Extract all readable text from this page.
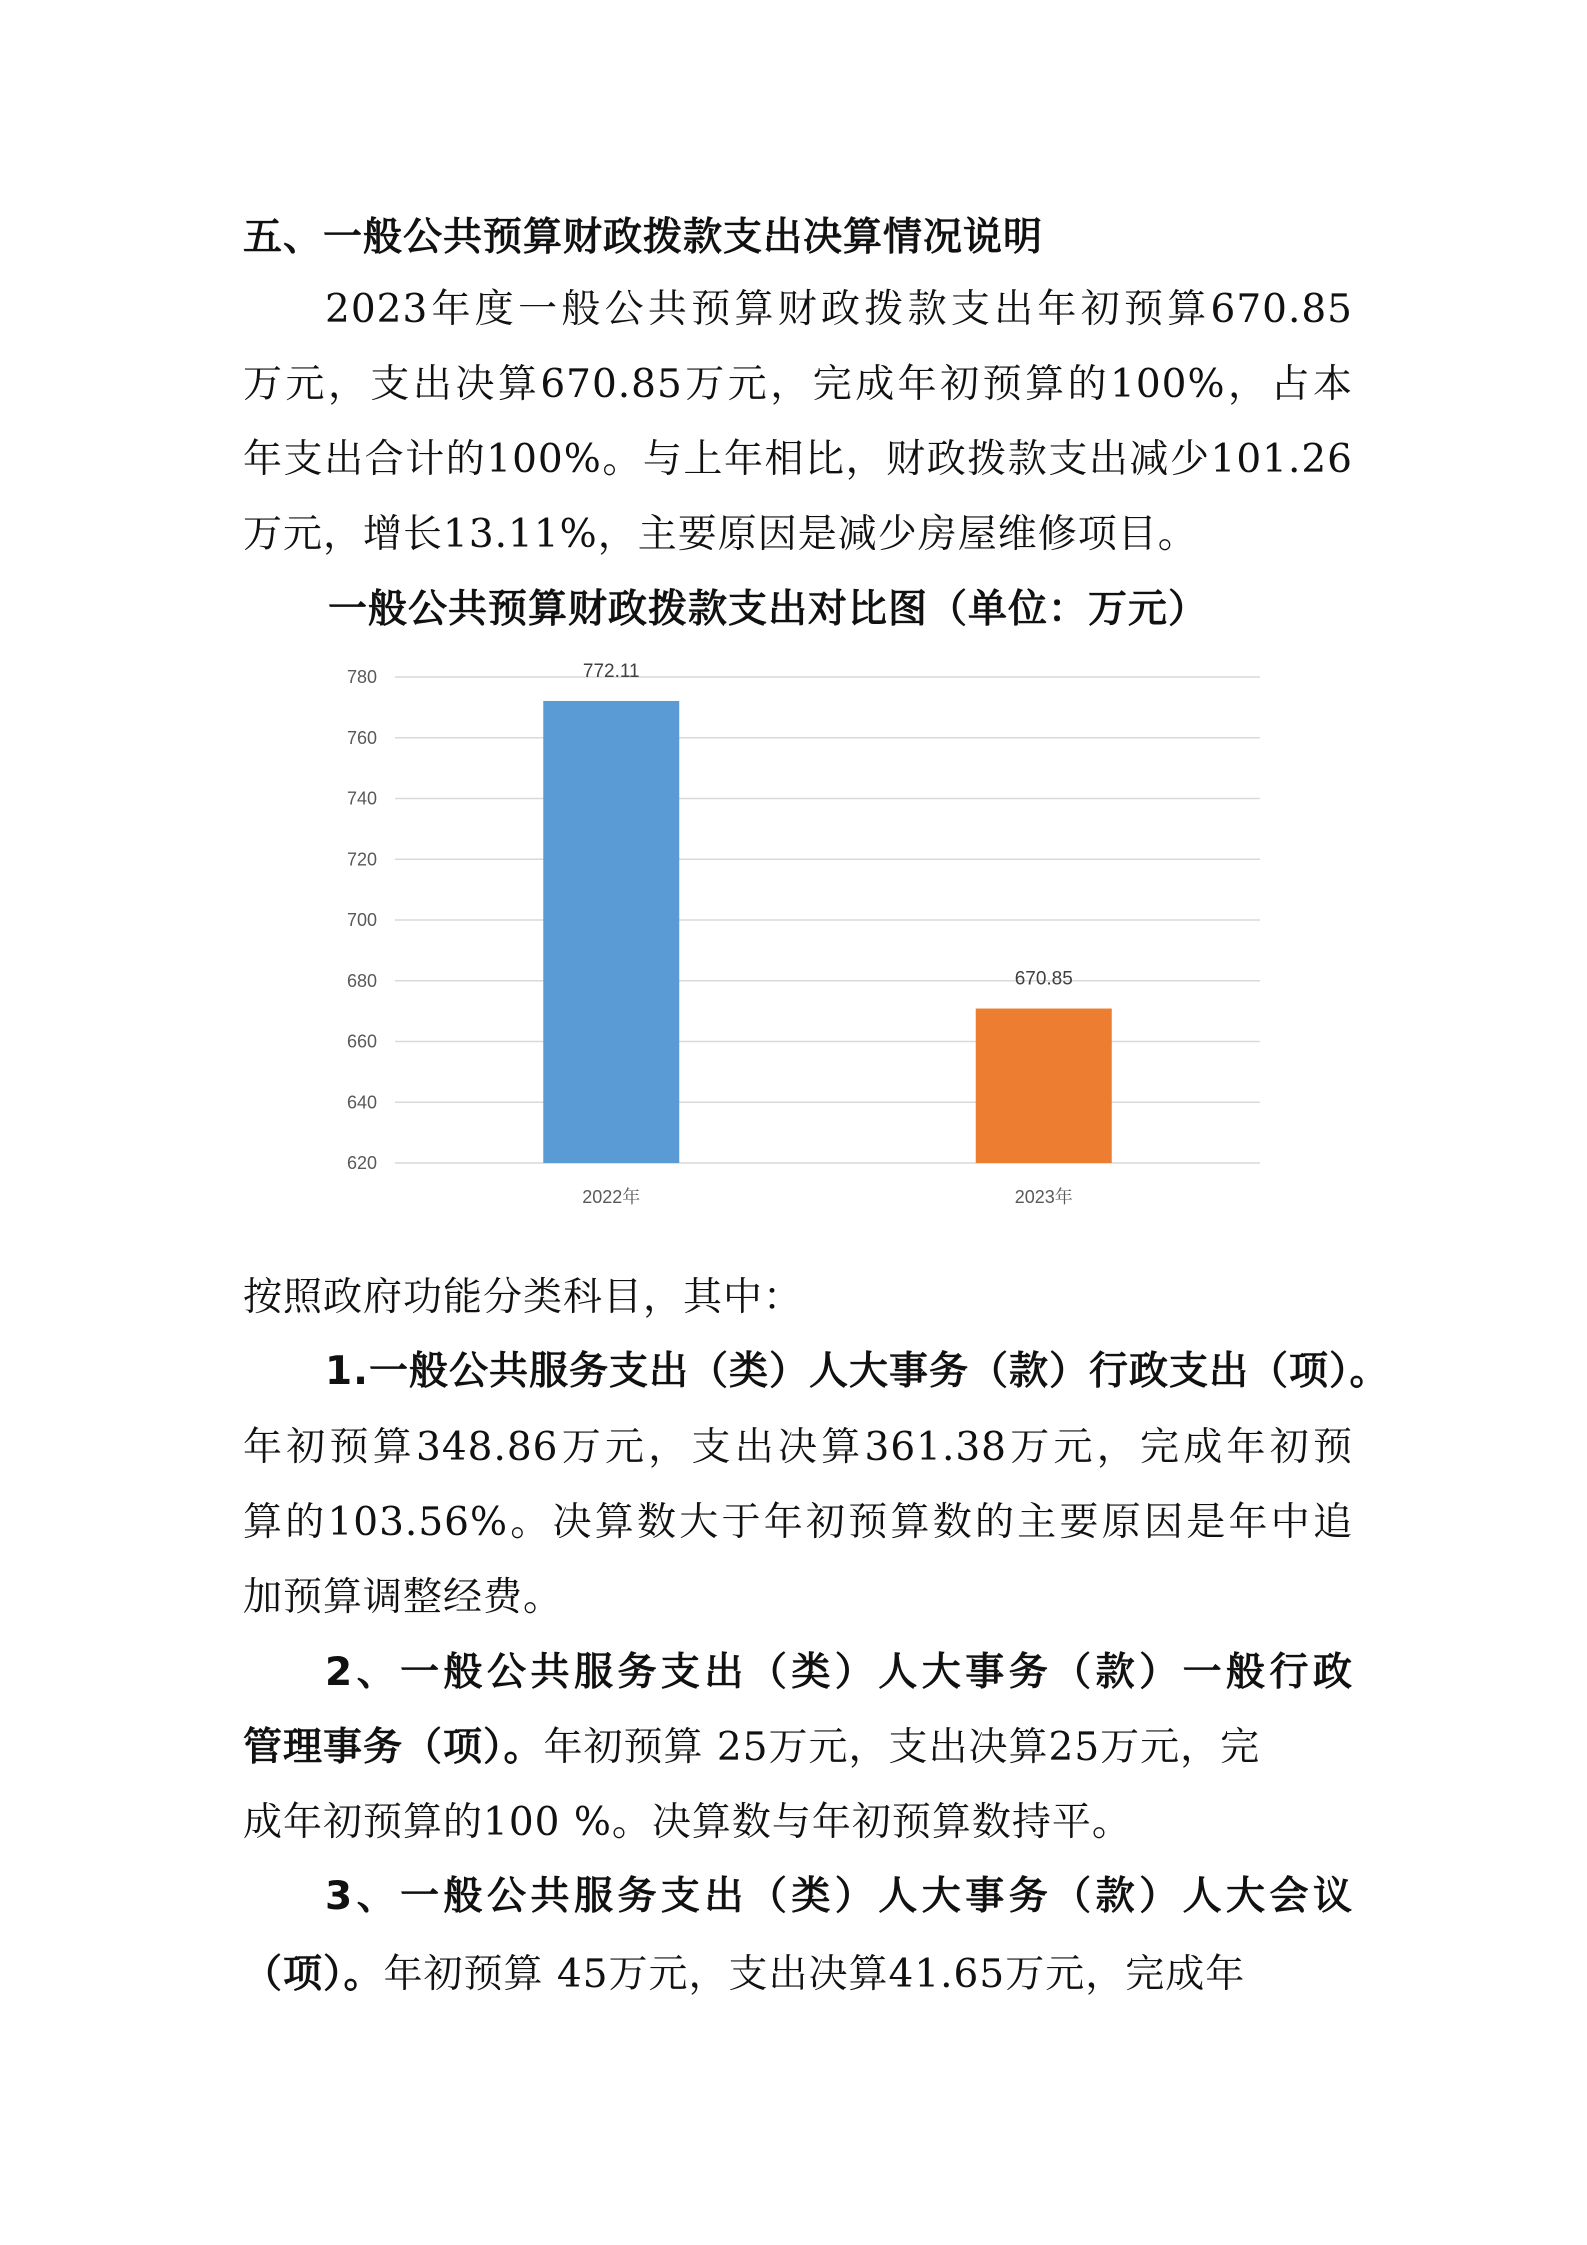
五、一般公共预算财政拨款支出决算情况说明

2023年度一般公共预算财政拨款支出年初预算670.85

万元，支出决算670.85万元，完成年初预算的100%，占本

年支出合计的100%。与上年相比，财政拨款支出减少101.26

万元，增长13.11%，主要原因是减少房屋维修项目。

一般公共预算财政拨款支出对比图（单位：万元）
620
640
660
680
700
720
740
760
780	772.11
2022年
670.85
2023年

按照政府功能分类科目，其中：

1.一般公共服务支出（类）人大事务（款）行政支出（项）。

年初预算348.86万元，支出决算361.38万元，完成年初预

算的103.56%。决算数大于年初预算数的主要原因是年中追

加预算调整经费。

2、一般公共服务支出（类）人大事务（款）一般行政

管理事务（项）。年初预算 25万元，支出决算25万元，完

成年初预算的100 %。决算数与年初预算数持平。

3、一般公共服务支出（类）人大事务（款）人大会议

（项）。年初预算 45万元，支出决算41.65万元，完成年
